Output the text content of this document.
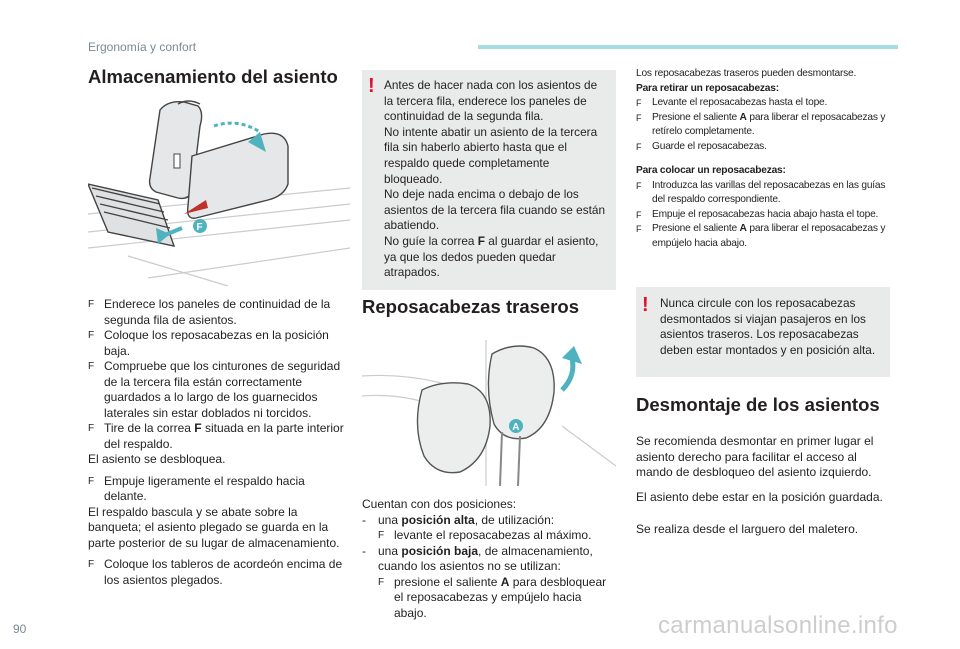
Ergonomía y confort
Almacenamiento del asiento
F
F Enderece los paneles de continuidad de la segunda fila de asientos.
F Coloque los reposacabezas en la posición baja.
F Compruebe que los cinturones de seguridad de la tercera fila están correctamente guardados a lo largo de los guarnecidos laterales sin estar doblados ni torcidos.
F Tire de la correa F situada en la parte interior del respaldo.
El asiento se desbloquea.
F Empuje ligeramente el respaldo hacia delante.
El respaldo bascula y se abate sobre la banqueta; el asiento plegado se guarda en la parte posterior de su lugar de almacenamiento.
F Coloque los tableros de acordeón encima de los asientos plegados.
! Antes de hacer nada con los asientos de la tercera fila, enderece los paneles de continuidad de la segunda fila.
No intente abatir un asiento de la tercera fila sin haberlo abierto hasta que el respaldo quede completamente bloqueado.
No deje nada encima o debajo de los asientos de la tercera fila cuando se están abatiendo.
No guíe la correa F al guardar el asiento, ya que los dedos pueden quedar atrapados.
Reposacabezas traseros
A
Cuentan con dos posiciones:
-	una posición alta, de utilización:
F levante el reposacabezas al máximo.
-	una posición baja, de almacenamiento, cuando los asientos no se utilizan:
F presione el saliente A para desbloquear el reposacabezas y empújelo hacia abajo.
Los reposacabezas traseros pueden desmontarse.
Para retirar un reposacabezas:
F	Levante el reposacabezas hasta el tope.
F	Presione el saliente A para liberar el reposacabezas y retírelo completamente.
F	Guarde el reposacabezas.
Para colocar un reposacabezas:
F	Introduzca las varillas del reposacabezas en las guías del respaldo correspondiente.
F	Empuje el reposacabezas hacia abajo hasta el tope.
F	Presione el saliente A para liberar el reposacabezas y empújelo hacia abajo.
! Nunca circule con los reposacabezas desmontados si viajan pasajeros en los asientos traseros. Los reposacabezas deben estar montados y en posición alta.
Desmontaje de los asientos
Se recomienda desmontar en primer lugar el asiento derecho para facilitar el acceso al mando de desbloqueo del asiento izquierdo.
El asiento debe estar en la posición guardada.
Se realiza desde el larguero del maletero.
90	carmanualsonline.info
